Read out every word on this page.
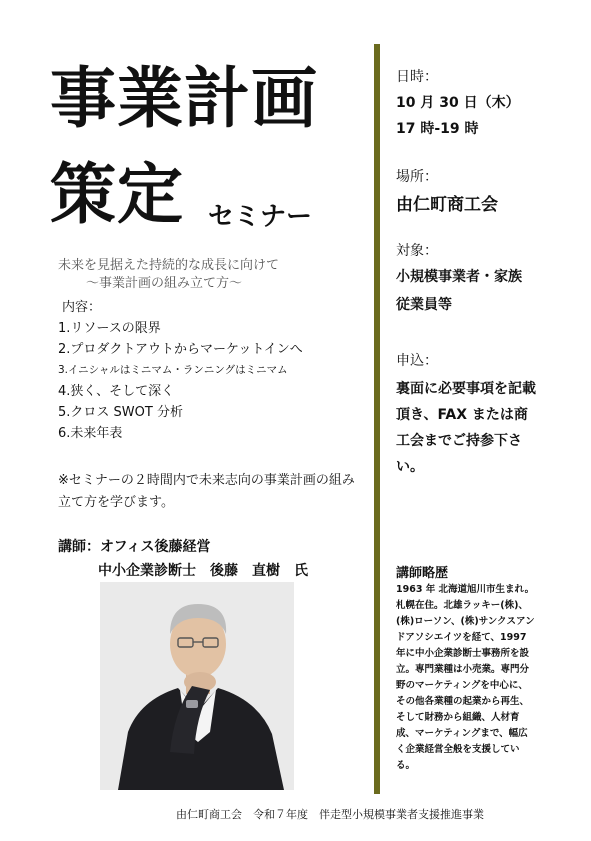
事業計画
策定 セミナー
未来を見据えた持続的な成長に向けて
～事業計画の組み立て方～
内容：
1.リソースの限界
2.プロダクトアウトからマーケットインへ
3.イニシャルはミニマム・ランニングはミニマム
4.狭く、そして深く
5.クロス SWOT 分析
6.未来年表
※セミナーの２時間内で未来志向の事業計画の組み立て方を学びます。
講師：オフィス後藤経営
中小企業診断士　後藤　直樹　氏
日時：
10 月 30 日（木）
17 時-19 時
場所：
由仁町商工会
対象：
小規模事業者・家族
従業員等
申込：
裏面に必要事項を記載頂き、FAX または商工会までご持参下さい。
講師略歴
1963 年 北海道旭川市生まれ。札幌在住。北雄ラッキー(株)、(株)ローソン、(株)サンクスアンドアソシエイツを経て、1997 年に中小企業診断士事務所を設立。専門業種は小売業。専門分野のマーケティングを中心に、その他各業種の起業から再生、そして財務から組織、人材育成、マーケティングまで、幅広く企業経営全般を支援している。
由仁町商工会　令和７年度　伴走型小規模事業者支援推進事業
